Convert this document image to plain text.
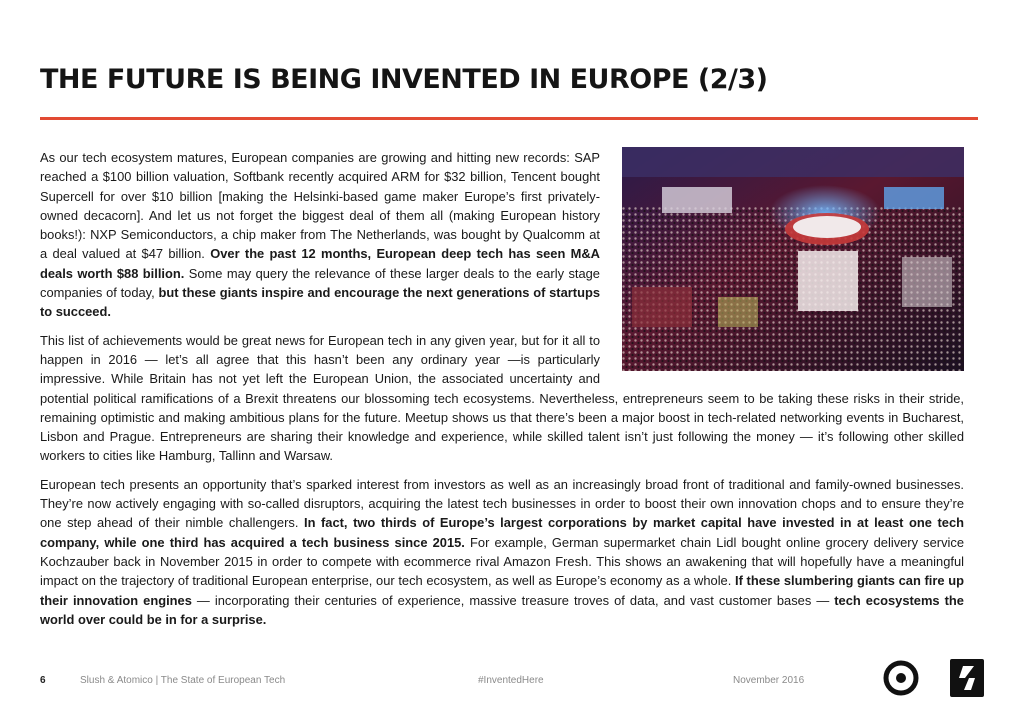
THE FUTURE IS BEING INVENTED IN EUROPE (2/3)

As our tech ecosystem matures, European companies are growing and hitting new records: SAP reached a $100 billion valuation, Softbank recently acquired ARM for $32 billion, Tencent bought Supercell for over $10 billion [making the Helsinki-based game maker Europe’s first privately-owned decacorn]. And let us not forget the biggest deal of them all (making European history books!): NXP Semiconductors, a chip maker from The Netherlands, was bought by Qualcomm at a deal valued at $47 billion. Over the past 12 months, European deep tech has seen M&A deals worth $88 billion. Some may query the relevance of these larger deals to the early stage companies of today, but these giants inspire and encourage the next generations of startups to succeed.

This list of achievements would be great news for European tech in any given year, but for it all to happen in 2016 — let’s all agree that this hasn’t been any ordinary year —is particularly impressive. While Britain has not yet left the European Union, the associated uncertainty and potential political ramifications of a Brexit threatens our blossoming tech ecosystems. Nevertheless, entrepreneurs seem to be taking these risks in their stride, remaining optimistic and making ambitious plans for the future. Meetup shows us that there’s been a major boost in tech-related networking events in Bucharest, Lisbon and Prague. Entrepreneurs are sharing their knowledge and experience, while skilled talent isn’t just following the money — it’s following other skilled workers to cities like Hamburg, Tallinn and Warsaw.

European tech presents an opportunity that’s sparked interest from investors as well as an increasingly broad front of traditional and family-owned businesses. They’re now actively engaging with so-called disruptors, acquiring the latest tech businesses in order to boost their own innovation chops and to ensure they’re one step ahead of their nimble challengers. In fact, two thirds of Europe’s largest corporations by market capital have invested in at least one tech company, while one third has acquired a tech business since 2015. For example, German supermarket chain Lidl bought online grocery delivery service Kochzauber back in November 2015 in order to compete with ecommerce rival Amazon Fresh. This shows an awakening that will hopefully have a meaningful impact on the trajectory of traditional European enterprise, our tech ecosystem, as well as Europe’s economy as a whole. If these slumbering giants can fire up their innovation engines — incorporating their centuries of experience, massive treasure troves of data, and vast customer bases — tech ecosystems the world over could be in for a surprise.

6	Slush & Atomico | The State of European Tech	#InventedHere	November 2016
